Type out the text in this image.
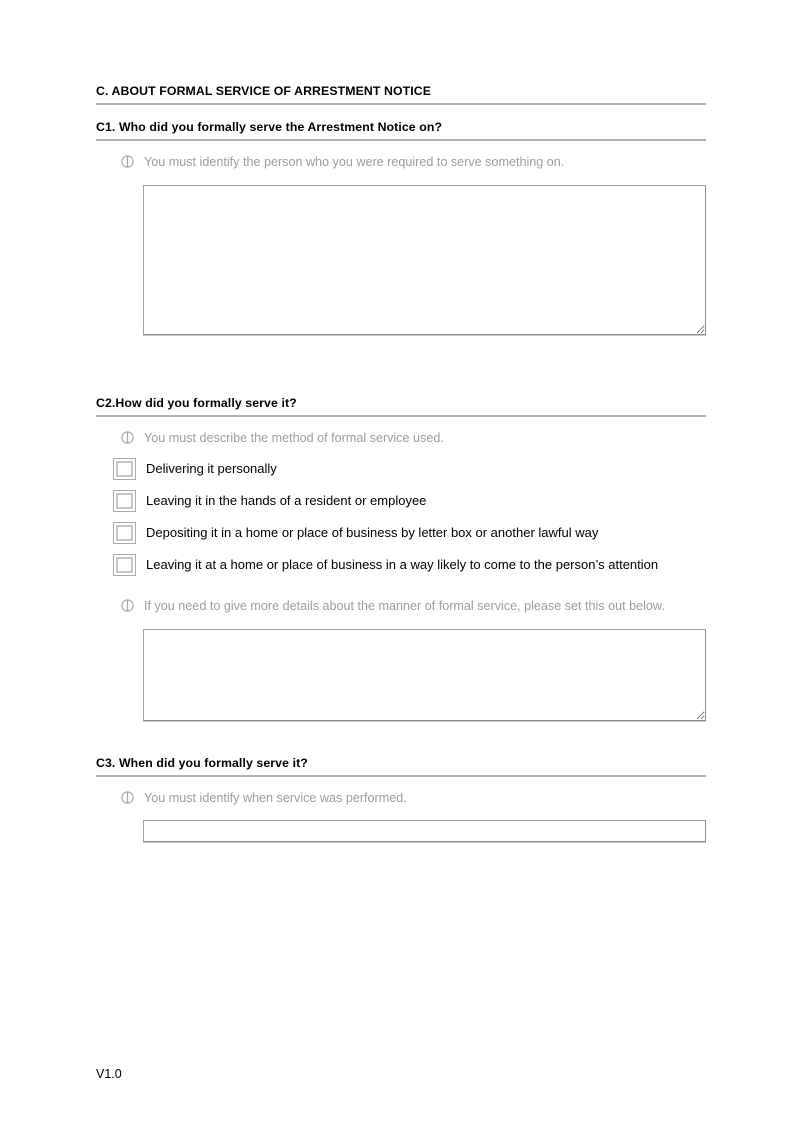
C. ABOUT FORMAL SERVICE OF ARRESTMENT NOTICE
C1. Who did you formally serve the Arrestment Notice on?
You must identify the person who you were required to serve something on.
C2.How did you formally serve it?
You must describe the method of formal service used.
Delivering it personally
Leaving it in the hands of a resident or employee
Depositing it in a home or place of business by letter box or another lawful way
Leaving it at a home or place of business in a way likely to come to the person’s attention
If you need to give more details about the manner of formal service, please set this out below.
C3. When did you formally serve it?
You must identify when service was performed.
V1.0
